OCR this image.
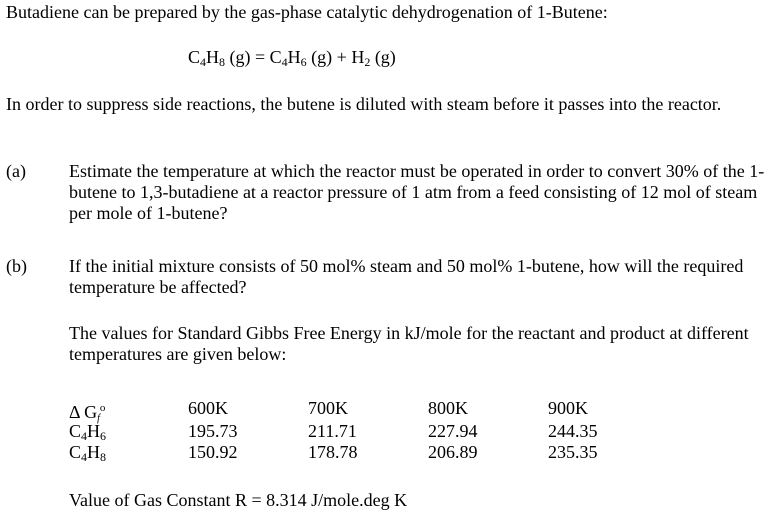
Butadiene can be prepared by the gas-phase catalytic dehydrogenation of 1-Butene:

$C_4H_8$ $(g) = C_4H_6$ $(g) + H_2$ (g)

In order to suppress side reactions, the butene is diluted with steam before it passes into the reactor.

(a) Estimate the temperature at which the reactor must be operated in order to convert 30% of the 1-butene to 1,3-butadiene at a reactor pressure of 1 atm from a feed consisting of 12 mol of steam per mole of 1-butene?

(b) If the initial mixture consists of 50 mol% steam and 50 mol% 1-butene, how will the required temperature be affected?

The values for Standard Gibbs Free Energy in kJ/mole for the reactant and product at different temperatures are given below:

Δ Gf$^o$	600K	700K	800K	900K
$C_4H_6$	195.73	211.71	227.94	244.35
$C_4H_8$	150.92	178.78	206.89	235.35

Value of Gas Constant R = 8.314 J/mole.deg K
